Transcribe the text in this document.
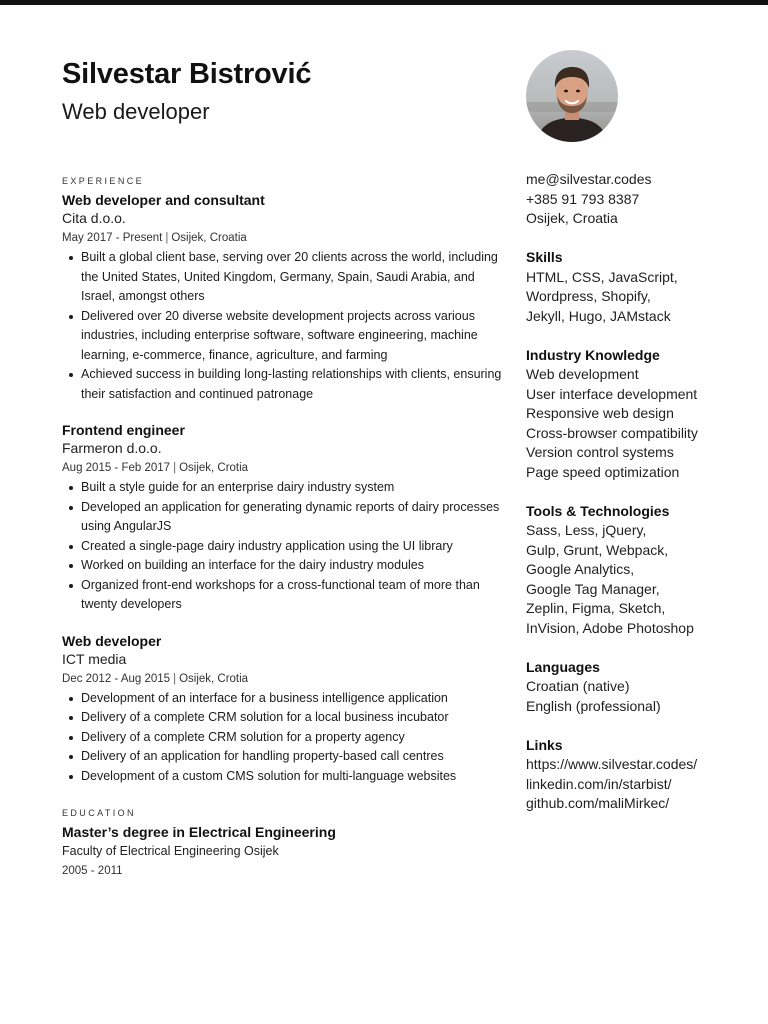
Silvestar Bistrović
Web developer
EXPERIENCE
Web developer and consultant
Cita d.o.o.
May 2017 - Present | Osijek, Croatia
Built a global client base, serving over 20 clients across the world, including the United States, United Kingdom, Germany, Spain, Saudi Arabia, and Israel, amongst others
Delivered over 20 diverse website development projects across various industries, including enterprise software, software engineering, machine learning, e-commerce, finance, agriculture, and farming
Achieved success in building long-lasting relationships with clients, ensuring their satisfaction and continued patronage
Frontend engineer
Farmeron d.o.o.
Aug 2015 - Feb 2017 | Osijek, Crotia
Built a style guide for an enterprise dairy industry system
Developed an application for generating dynamic reports of dairy processes using AngularJS
Created a single-page dairy industry application using the UI library
Worked on building an interface for the dairy industry modules
Organized front-end workshops for a cross-functional team of more than twenty developers
Web developer
ICT media
Dec 2012 - Aug 2015 | Osijek, Crotia
Development of an interface for a business intelligence application
Delivery of a complete CRM solution for a local business incubator
Delivery of a complete CRM solution for a property agency
Delivery of an application for handling property-based call centres
Development of a custom CMS solution for multi-language websites
EDUCATION
Master’s degree in Electrical Engineering
Faculty of Electrical Engineering Osijek
2005 - 2011
me@silvestar.codes
+385 91 793 8387
Osijek, Croatia
Skills
HTML, CSS, JavaScript,
Wordpress, Shopify,
Jekyll, Hugo, JAMstack
Industry Knowledge
Web development
User interface development
Responsive web design
Cross-browser compatibility
Version control systems
Page speed optimization
Tools & Technologies
Sass, Less, jQuery,
Gulp, Grunt, Webpack,
Google Analytics,
Google Tag Manager,
Zeplin, Figma, Sketch,
InVision, Adobe Photoshop
Languages
Croatian (native)
English (professional)
Links
https://www.silvestar.codes/
linkedin.com/in/starbist/
github.com/maliMirkec/
